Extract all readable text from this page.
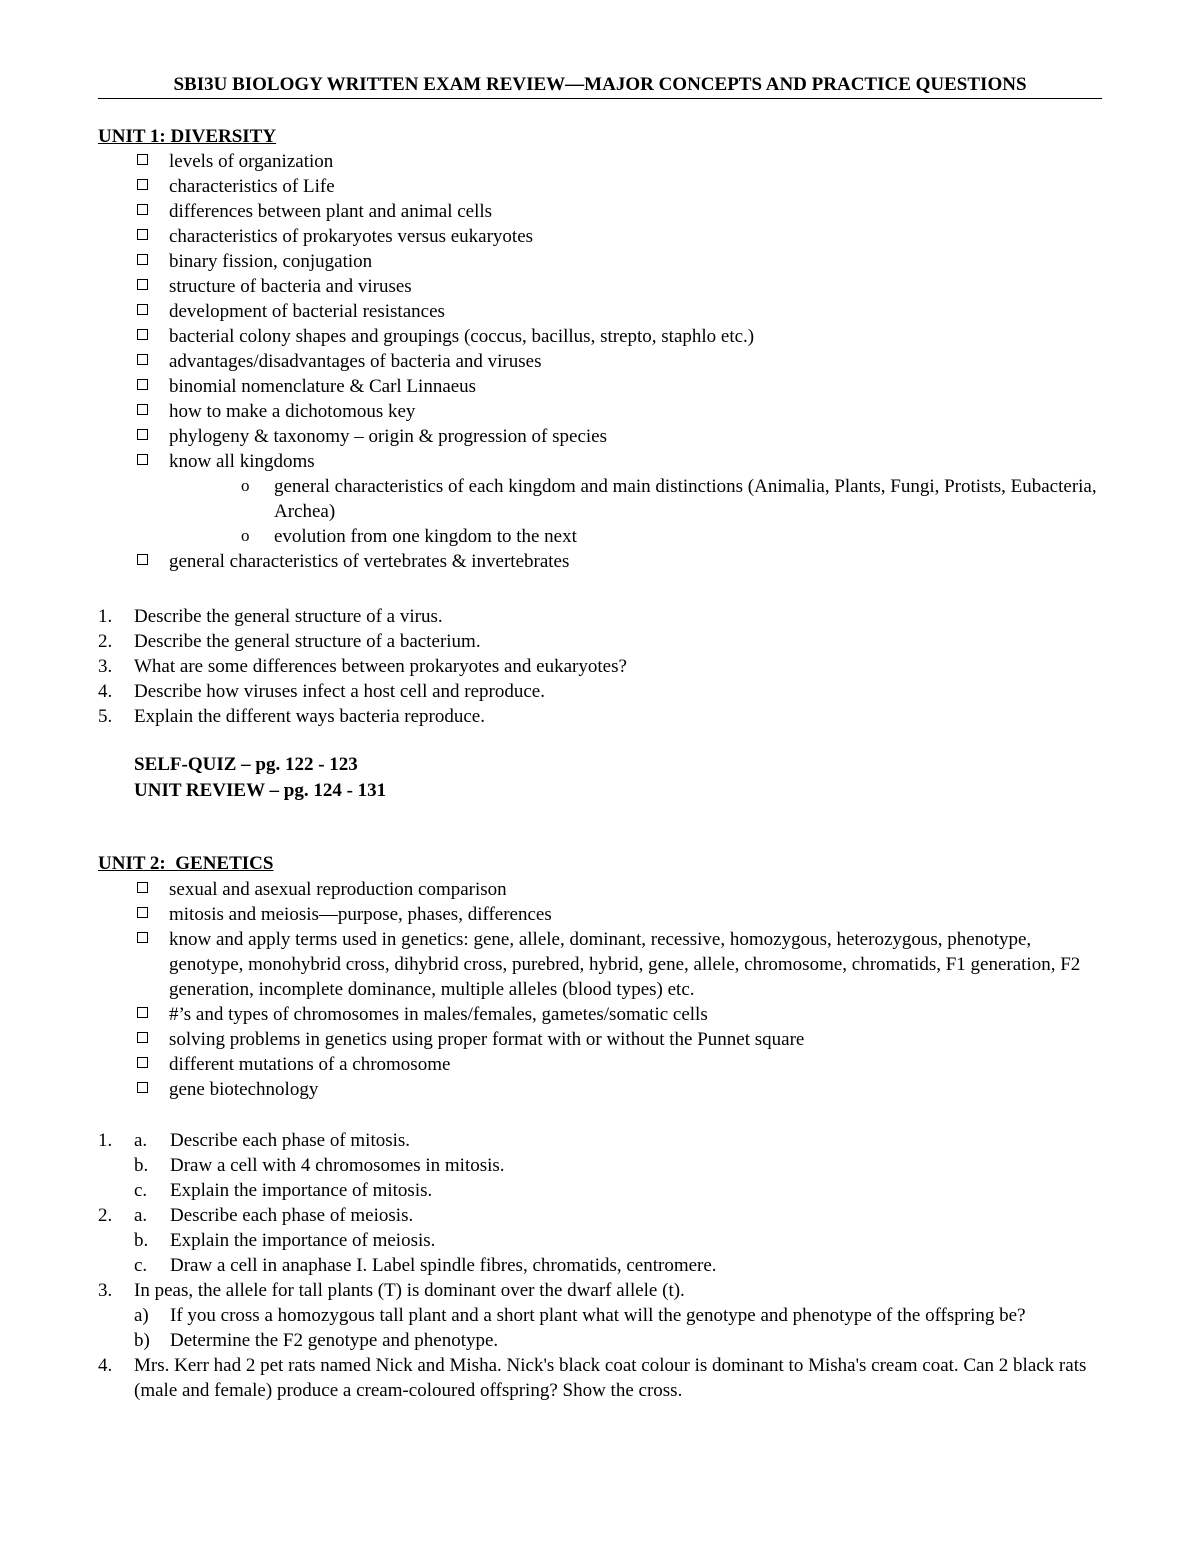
SBI3U BIOLOGY WRITTEN EXAM REVIEW—MAJOR CONCEPTS AND PRACTICE QUESTIONS
UNIT 1: DIVERSITY
levels of organization
characteristics of Life
differences between plant and animal cells
characteristics of prokaryotes versus eukaryotes
binary fission, conjugation
structure of bacteria and viruses
development of bacterial resistances
bacterial colony shapes and groupings (coccus, bacillus, strepto, staphlo etc.)
advantages/disadvantages of bacteria and viruses
binomial nomenclature & Carl Linnaeus
how to make a dichotomous key
phylogeny & taxonomy – origin & progression of species
know all kingdoms
o general characteristics of each kingdom and main distinctions (Animalia, Plants, Fungi, Protists, Eubacteria, Archea)
o evolution from one kingdom to the next
general characteristics of vertebrates & invertebrates
1. Describe the general structure of a virus.
2. Describe the general structure of a bacterium.
3. What are some differences between prokaryotes and eukaryotes?
4. Describe how viruses infect a host cell and reproduce.
5. Explain the different ways bacteria reproduce.
SELF-QUIZ – pg. 122 - 123
UNIT REVIEW – pg. 124 - 131
UNIT 2:  GENETICS
sexual and asexual reproduction comparison
mitosis and meiosis—purpose, phases, differences
know and apply terms used in genetics: gene, allele, dominant, recessive, homozygous, heterozygous, phenotype, genotype, monohybrid cross, dihybrid cross, purebred, hybrid, gene, allele, chromosome, chromatids, F1 generation, F2 generation, incomplete dominance, multiple alleles (blood types) etc.
#’s and types of chromosomes in males/females, gametes/somatic cells
solving problems in genetics using proper format with or without the Punnet square
different mutations of a chromosome
gene biotechnology
1. a. Describe each phase of mitosis.
b. Draw a cell with 4 chromosomes in mitosis.
c. Explain the importance of mitosis.
2. a. Describe each phase of meiosis.
b. Explain the importance of meiosis.
c. Draw a cell in anaphase I. Label spindle fibres, chromatids, centromere.
3. In peas, the allele for tall plants (T) is dominant over the dwarf allele (t).
a) If you cross a homozygous tall plant and a short plant what will the genotype and phenotype of the offspring be?
b) Determine the F2 genotype and phenotype.
4. Mrs. Kerr had 2 pet rats named Nick and Misha. Nick's black coat colour is dominant to Misha's cream coat. Can 2 black rats (male and female) produce a cream-coloured offspring? Show the cross.
